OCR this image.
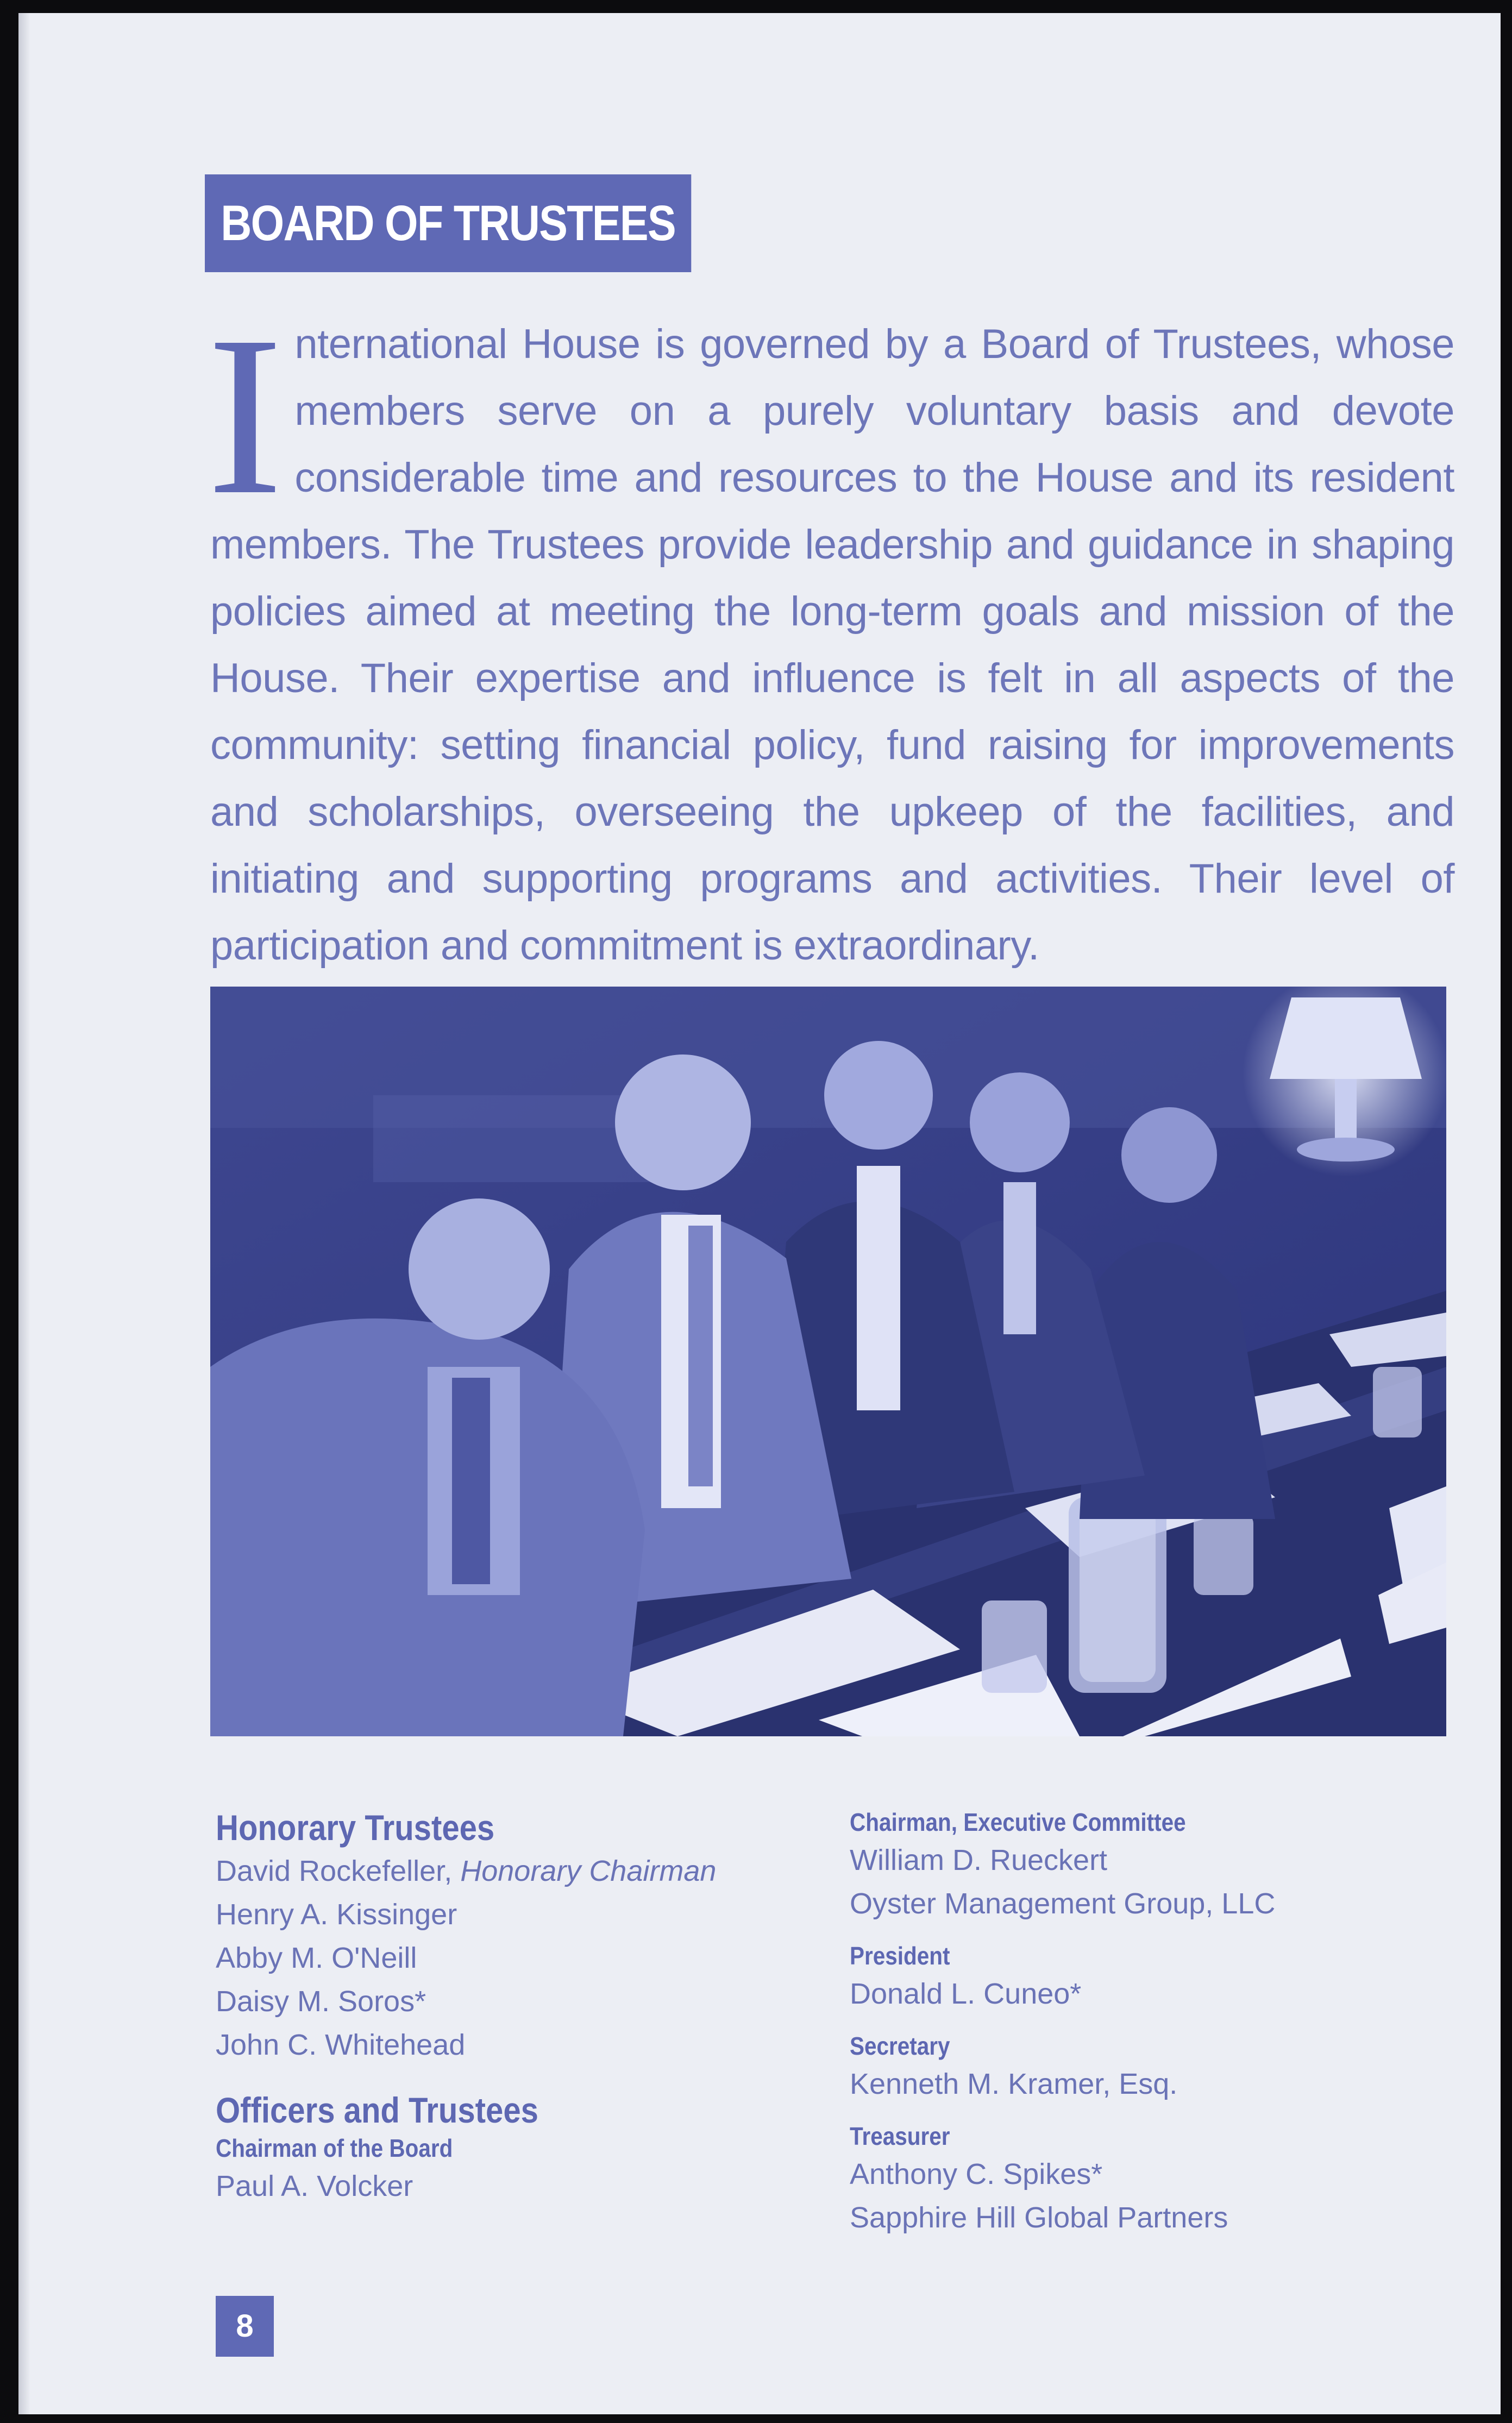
BOARD OF TRUSTEES
International House is governed by a Board of Trustees, whose members serve on a purely voluntary basis and devote considerable time and resources to the House and its resident members. The Trustees provide leadership and guidance in shaping policies aimed at meeting the long-term goals and mission of the House. Their expertise and influence is felt in all aspects of the community: setting financial policy, fund raising for improvements and scholarships, overseeing the upkeep of the facilities, and initiating and supporting programs and activities. Their level of participation and commitment is extraordinary.
Honorary Trustees
David Rockefeller, Honorary Chairman
Henry A. Kissinger
Abby M. O'Neill
Daisy M. Soros*
John C. Whitehead
Officers and Trustees
Chairman of the Board
Paul A. Volcker
Chairman, Executive Committee
William D. Rueckert
Oyster Management Group, LLC
President
Donald L. Cuneo*
Secretary
Kenneth M. Kramer, Esq.
Treasurer
Anthony C. Spikes*
Sapphire Hill Global Partners
8
